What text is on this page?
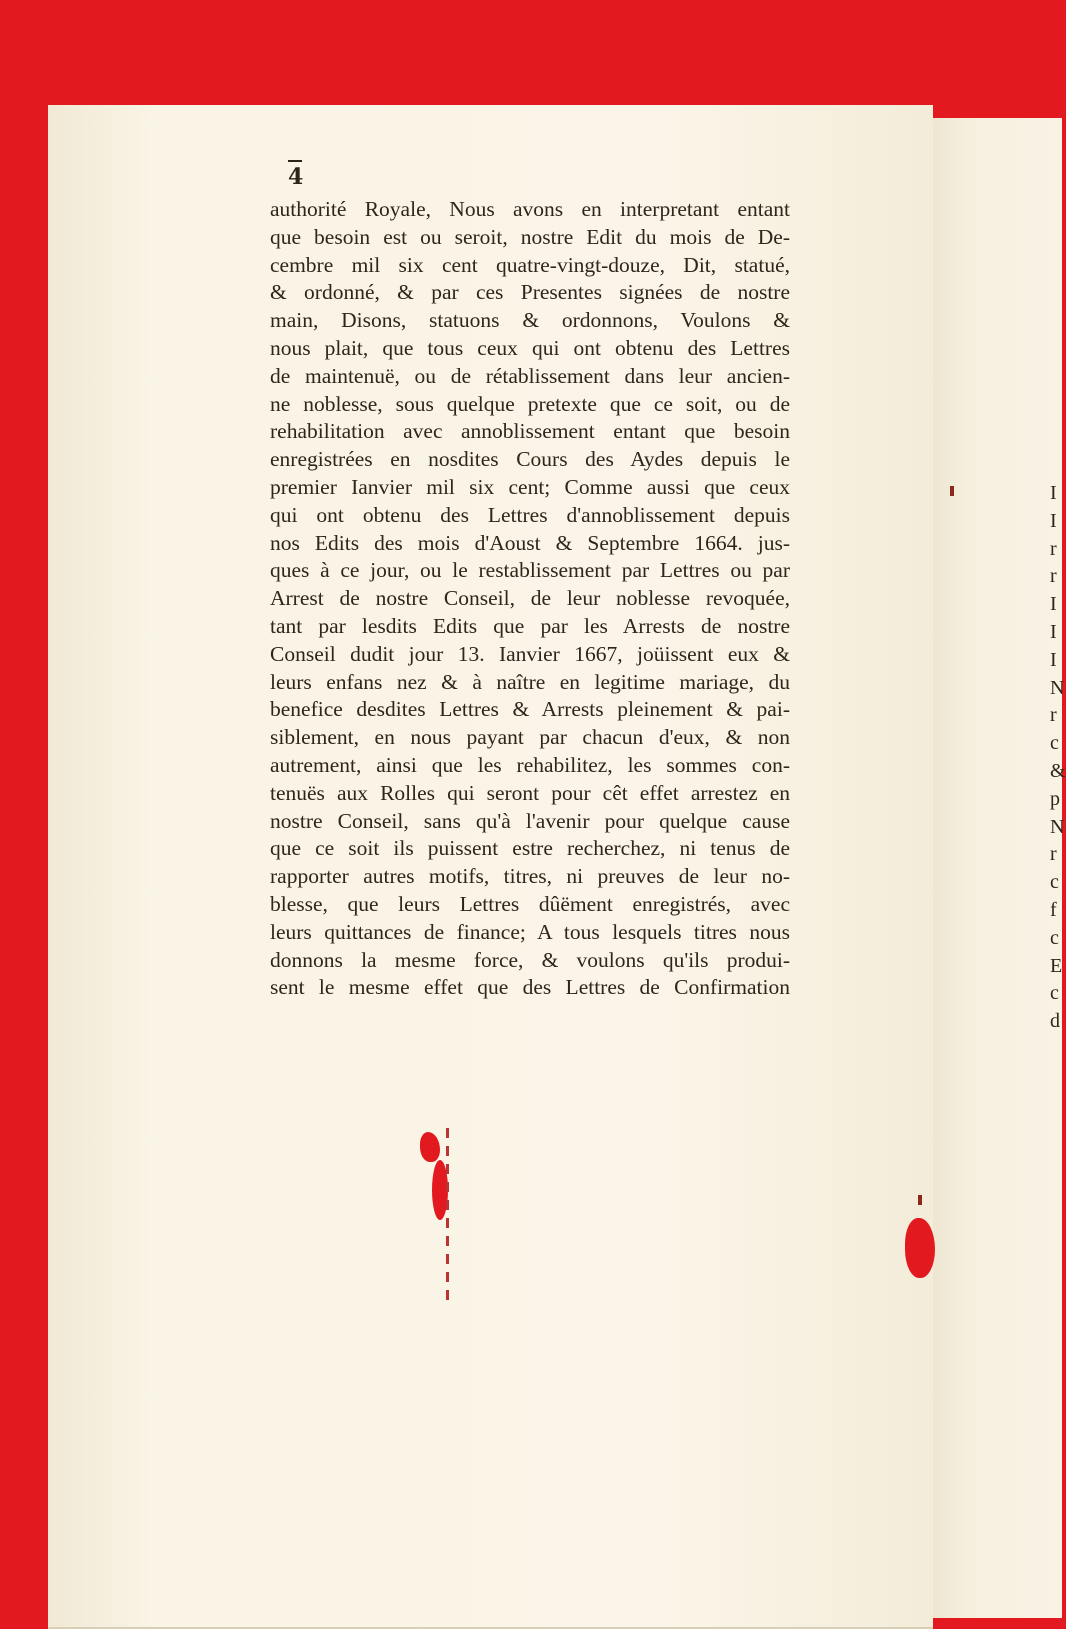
4
authorité Royale, Nous avons en interpretant entant
que besoin est ou seroit, nostre Edit du mois de De-
cembre mil six cent quatre-vingt-douze, Dit, statué,
& ordonné, & par ces Presentes signées de nostre
main, Disons, statuons & ordonnons, Voulons &
nous plait, que tous ceux qui ont obtenu des Lettres
de maintenuë, ou de rétablissement dans leur ancien-
ne noblesse, sous quelque pretexte que ce soit, ou de
rehabilitation avec annoblissement entant que besoin
enregistrées en nosdites Cours des Aydes depuis le
premier Ianvier mil six cent; Comme aussi que ceux
qui ont obtenu des Lettres d'annoblissement depuis
nos Edits des mois d'Aoust & Septembre 1664. jus-
ques à ce jour, ou le restablissement par Lettres ou par
Arrest de nostre Conseil, de leur noblesse revoquée,
tant par lesdits Edits que par les Arrests de nostre
Conseil dudit jour 13. Ianvier 1667, joüissent eux &
leurs enfans nez & à naître en legitime mariage, du
benefice desdites Lettres & Arrests pleinement & pai-
siblement, en nous payant par chacun d'eux, & non
autrement, ainsi que les rehabilitez, les sommes con-
tenuës aux Rolles qui seront pour cêt effet arrestez en
nostre Conseil, sans qu'à l'avenir pour quelque cause
que ce soit ils puissent estre recherchez, ni tenus de
rapporter autres motifs, titres, ni preuves de leur no-
blesse, que leurs Lettres dûëment enregistrés, avec
leurs quittances de finance; A tous lesquels titres nous
donnons la mesme force, & voulons qu'ils produi-
sent le mesme effet que des Lettres de Confirmation
I
I
r
r
I
I
I
N
r
c
&
p
N
r
c
f
c
E
c
d
